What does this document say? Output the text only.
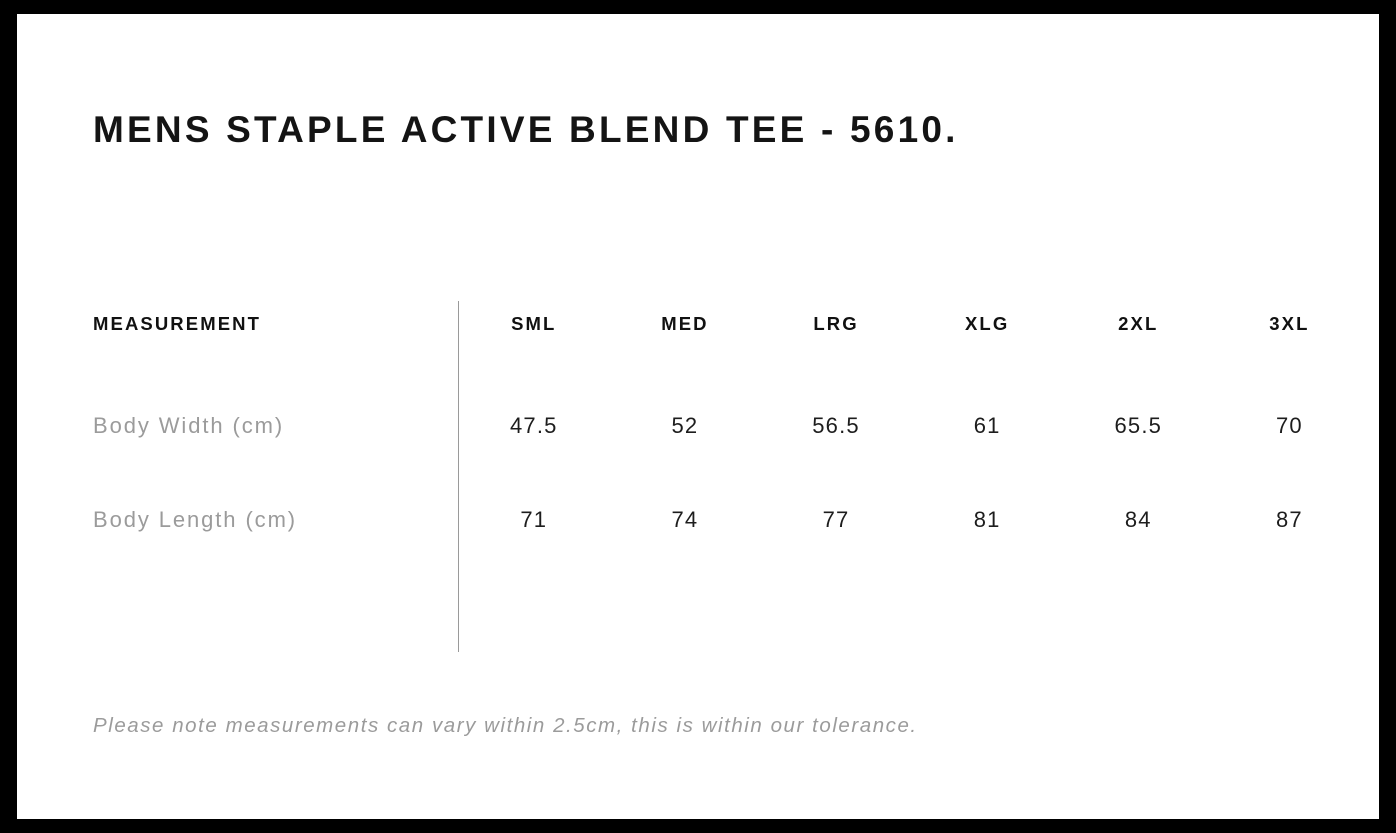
MENS STAPLE ACTIVE BLEND TEE - 5610.
MEASUREMENT	SML	MED	LRG	XLG	2XL	3XL
Body Width (cm)	47.5	52	56.5	61	65.5	70
Body Length (cm)	71	74	77	81	84	87
Please note measurements can vary within 2.5cm, this is within our tolerance.
